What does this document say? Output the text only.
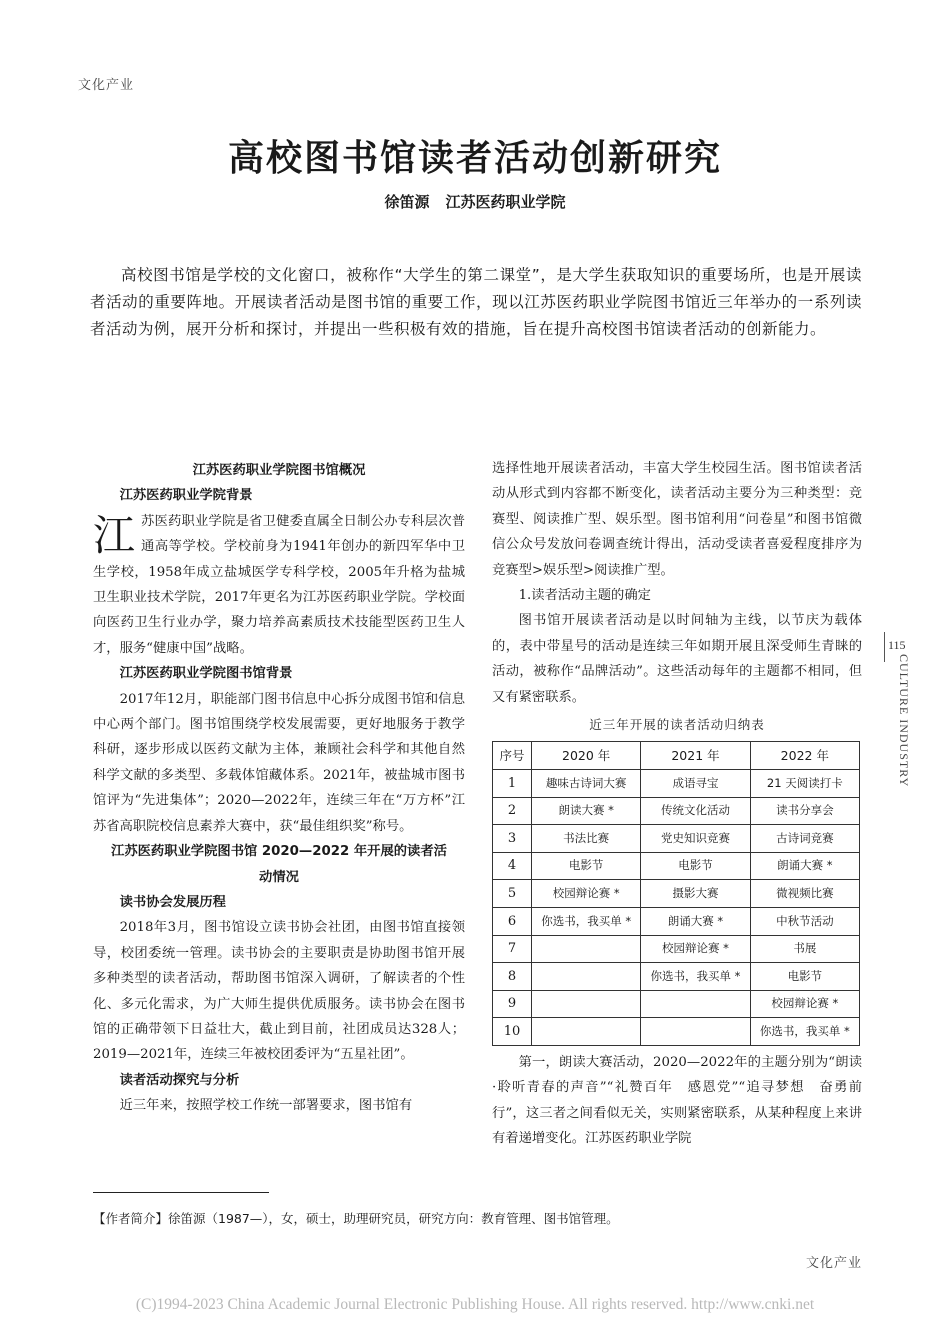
文化产业
高校图书馆读者活动创新研究
徐笛源 江苏医药职业学院
高校图书馆是学校的文化窗口，被称作“大学生的第二课堂”，是大学生获取知识的重要场所，也是开展读者活动的重要阵地。开展读者活动是图书馆的重要工作，现以江苏医药职业学院图书馆近三年举办的一系列读者活动为例，展开分析和探讨，并提出一些积极有效的措施，旨在提升高校图书馆读者活动的创新能力。
江苏医药职业学院图书馆概况
江苏医药职业学院背景
江 苏医药职业学院是省卫健委直属全日制公办专科层次普通高等学校。学校前身为1941年创办的新四军华中卫生学校，1958年成立盐城医学专科学校，2005年升格为盐城卫生职业技术学院，2017年更名为江苏医药职业学院。学校面向医药卫生行业办学，聚力培养高素质技术技能型医药卫生人才，服务“健康中国”战略。

江苏医药职业学院图书馆背景

2017年12月，职能部门图书信息中心拆分成图书馆和信息中心两个部门。图书馆围绕学校发展需要，更好地服务于教学科研，逐步形成以医药文献为主体，兼顾社会科学和其他自然科学文献的多类型、多载体馆藏体系。2021年，被盐城市图书馆评为“先进集体”；2020—2022年，连续三年在“万方杯”江苏省高职院校信息素养大赛中，获“最佳组织奖”称号。

江苏医药职业学院图书馆 2020—2022 年开展的读者活动情况
读书协会发展历程

2018年3月，图书馆设立读书协会社团，由图书馆直接领导，校团委统一管理。读书协会的主要职责是协助图书馆开展多种类型的读者活动，帮助图书馆深入调研，了解读者的个性化、多元化需求，为广大师生提供优质服务。读书协会在图书馆的正确带领下日益壮大，截止到目前，社团成员达328人；2019—2021年，连续三年被校团委评为“五星社团”。

读者活动探究与分析

近三年来，按照学校工作统一部署要求，图书馆有

选择性地开展读者活动，丰富大学生校园生活。图书馆读者活动从形式到内容都不断变化，读者活动主要分为三种类型：竞赛型、阅读推广型、娱乐型。图书馆利用“问卷星”和图书馆微信公众号发放问卷调查统计得出，活动受读者喜爱程度排序为竞赛型>娱乐型>阅读推广型。

1.读者活动主题的确定

图书馆开展读者活动是以时间轴为主线，以节庆为载体的，表中带星号的活动是连续三年如期开展且深受师生青睐的活动，被称作“品牌活动”。这些活动每年的主题都不相同，但又有紧密联系。

近三年开展的读者活动归纳表
序号	2020 年	2021 年	2022 年
1	趣味古诗词大赛	成语寻宝	21 天阅读打卡
2	朗读大赛 *	传统文化活动	读书分享会
3	书法比赛	党史知识竞赛	古诗词竞赛
4	电影节	电影节	朗诵大赛 *
5	校园辩论赛 *	摄影大赛	微视频比赛
6	你选书，我买单 *	朗诵大赛 *	中秋节活动
7		校园辩论赛 *	书展
8		你选书，我买单 *	电影节
9			校园辩论赛 *
10			你选书，我买单 *

第一，朗读大赛活动，2020—2022年的主题分别为“朗读·聆听青春的声音”“礼赞百年　感恩党”“追寻梦想　奋勇前行”，这三者之间看似无关，实则紧密联系，从某种程度上来讲有着递增变化。江苏医药职业学院

115
CULTURE INDUSTRY
【作者简介】徐笛源（1987—），女，硕士，助理研究员，研究方向：教育管理、图书馆管理。
文化产业
(C)1994-2023 China Academic Journal Electronic Publishing House. All rights reserved. http://www.cnki.net
